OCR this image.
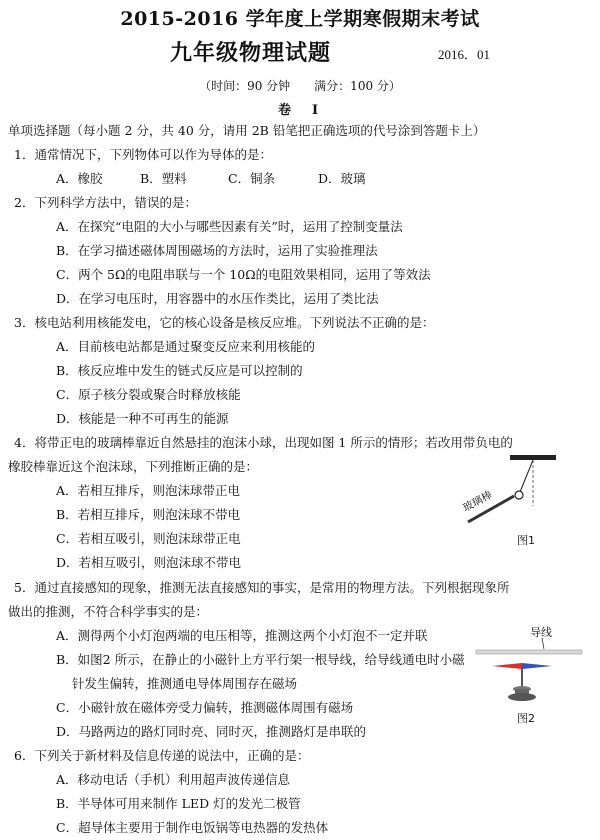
2015-2016 学年度上学期寒假期末考试
九年级物理试题	2016．01
（时间：90 分钟　　满分：100 分）
卷　I
单项选择题（每小题 2 分，共 40 分，请用 2B 铅笔把正确选项的代号涂到答题卡上）
1．通常情况下，下列物体可以作为导体的是：
A．橡胶	B．塑料	C．铜条	D．玻璃
2．下列科学方法中，错误的是：
A．在探究“电阻的大小与哪些因素有关”时，运用了控制变量法
B．在学习描述磁体周围磁场的方法时，运用了实验推理法
C．两个 5Ω的电阻串联与一个 10Ω的电阻效果相同，运用了等效法
D．在学习电压时，用容器中的水压作类比，运用了类比法
3．核电站利用核能发电，它的核心设备是核反应堆。下列说法不正确的是：
A．目前核电站都是通过聚变反应来利用核能的
B．核反应堆中发生的链式反应是可以控制的
C．原子核分裂或聚合时释放核能
D．核能是一种不可再生的能源
4．将带正电的玻璃棒靠近自然悬挂的泡沫小球，出现如图 1 所示的情形；若改用带负电的
橡胶棒靠近这个泡沫球，下列推断正确的是：
A．若相互排斥，则泡沫球带正电
B．若相互排斥，则泡沫球不带电
C．若相互吸引，则泡沫球带正电
D．若相互吸引，则泡沫球不带电
玻璃棒
图1
5．通过直接感知的现象，推测无法直接感知的事实，是常用的物理方法。下列根据现象所
做出的推测，不符合科学事实的是：
A．测得两个小灯泡两端的电压相等，推测这两个小灯泡不一定并联
B．如图2 所示，在静止的小磁针上方平行架一根导线，给导线通电时小磁
针发生偏转，推测通电导体周围存在磁场
C．小磁针放在磁体旁受力偏转，推测磁体周围有磁场
D．马路两边的路灯同时亮、同时灭，推测路灯是串联的
导线
图2
6．下列关于新材料及信息传递的说法中，正确的是：
A．移动电话（手机）利用超声波传递信息
B．半导体可用来制作 LED 灯的发光二极管
C．超导体主要用于制作电饭锅等电热器的发热体
